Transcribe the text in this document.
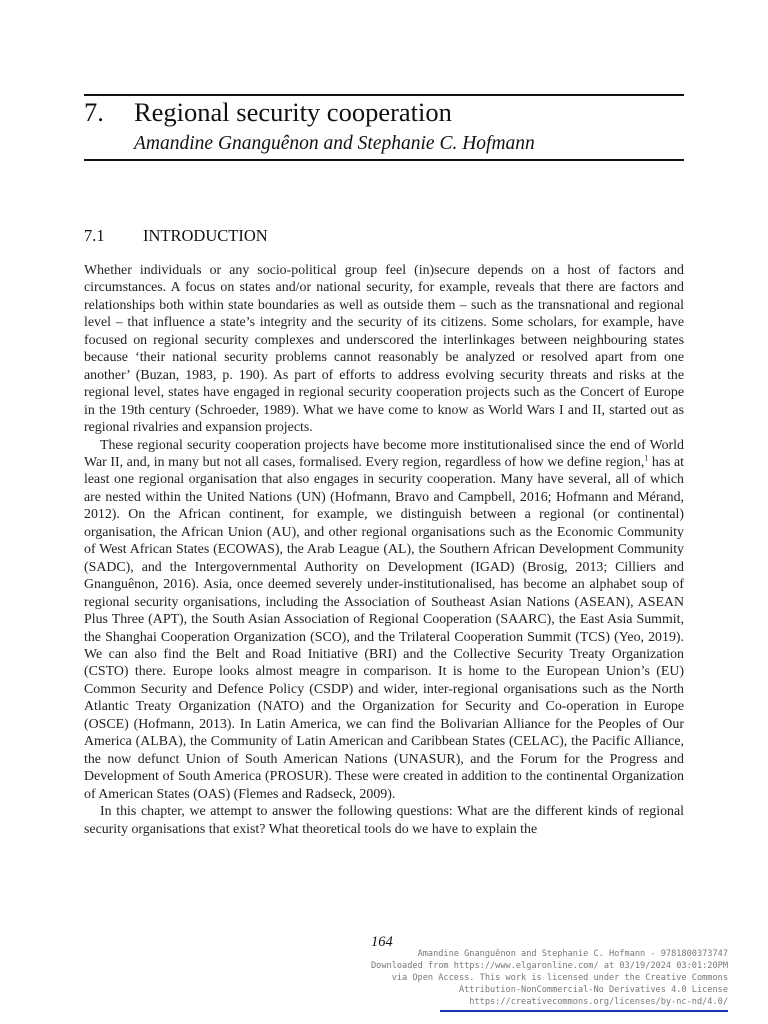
7. Regional security cooperation
Amandine Gnanguênon and Stephanie C. Hofmann
7.1 INTRODUCTION

Whether individuals or any socio-political group feel (in)secure depends on a host of factors and circumstances. A focus on states and/or national security, for example, reveals that there are factors and relationships both within state boundaries as well as outside them – such as the transnational and regional level – that influence a state’s integrity and the security of its citizens. Some scholars, for example, have focused on regional security complexes and underscored the interlinkages between neighbouring states because ‘their national security problems cannot reasonably be analyzed or resolved apart from one another’ (Buzan, 1983, p. 190). As part of efforts to address evolving security threats and risks at the regional level, states have engaged in regional security cooperation projects such as the Concert of Europe in the 19th century (Schroeder, 1989). What we have come to know as World Wars I and II, started out as regional rivalries and expansion projects.

These regional security cooperation projects have become more institutionalised since the end of World War II, and, in many but not all cases, formalised. Every region, regardless of how we define region,$^1$ has at least one regional organisation that also engages in security cooperation. Many have several, all of which are nested within the United Nations (UN) (Hofmann, Bravo and Campbell, 2016; Hofmann and Mérand, 2012). On the African continent, for example, we distinguish between a regional (or continental) organisation, the African Union (AU), and other regional organisations such as the Economic Community of West African States (ECOWAS), the Arab League (AL), the Southern African Development Community (SADC), and the Intergovernmental Authority on Development (IGAD) (Brosig, 2013; Cilliers and Gnanguênon, 2016). Asia, once deemed severely under-institutionalised, has become an alphabet soup of regional security organisations, including the Association of Southeast Asian Nations (ASEAN), ASEAN Plus Three (APT), the South Asian Association of Regional Cooperation (SAARC), the East Asia Summit, the Shanghai Cooperation Organization (SCO), and the Trilateral Cooperation Summit (TCS) (Yeo, 2019). We can also find the Belt and Road Initiative (BRI) and the Collective Security Treaty Organization (CSTO) there. Europe looks almost meagre in comparison. It is home to the European Union’s (EU) Common Security and Defence Policy (CSDP) and wider, inter-regional organisations such as the North Atlantic Treaty Organization (NATO) and the Organization for Security and Co-operation in Europe (OSCE) (Hofmann, 2013). In Latin America, we can find the Bolivarian Alliance for the Peoples of Our America (ALBA), the Community of Latin American and Caribbean States (CELAC), the Pacific Alliance, the now defunct Union of South American Nations (UNASUR), and the Forum for the Progress and Development of South America (PROSUR). These were created in addition to the continental Organization of American States (OAS) (Flemes and Radseck, 2009).

In this chapter, we attempt to answer the following questions: What are the different kinds of regional security organisations that exist? What theoretical tools do we have to explain the

164
Amandine Gnanguênon and Stephanie C. Hofmann - 9781800373747
Downloaded from https://www.elgaronline.com/ at 03/19/2024 03:01:20PM
via Open Access. This work is licensed under the Creative Commons
Attribution-NonCommercial-No Derivatives 4.0 License
https://creativecommons.org/licenses/by-nc-nd/4.0/
